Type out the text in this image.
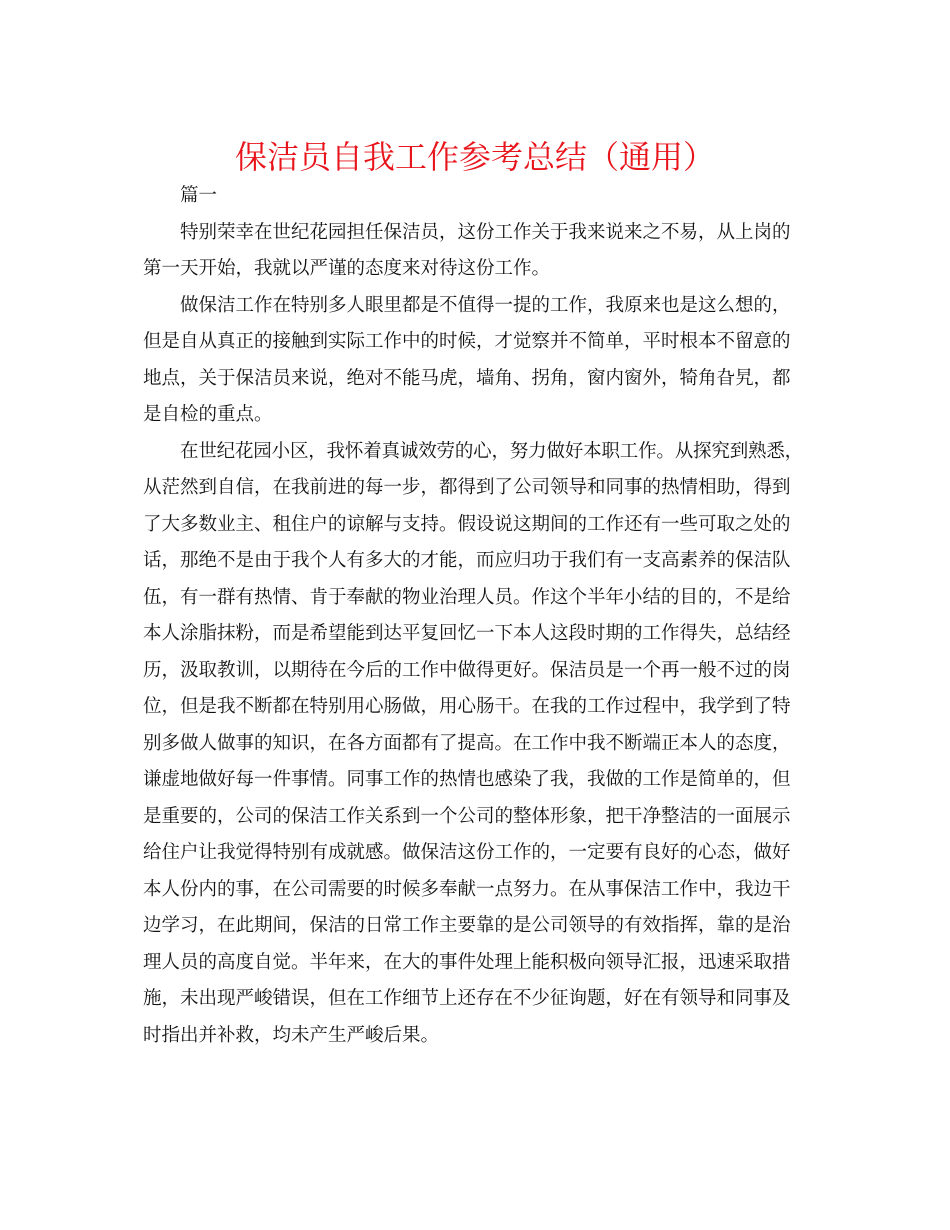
保洁员自我工作参考总结（通用）

篇一

特别荣幸在世纪花园担任保洁员，这份工作关于我来说来之不易，从上岗的
第一天开始，我就以严谨的态度来对待这份工作。

做保洁工作在特别多人眼里都是不值得一提的工作，我原来也是这么想的，
但是自从真正的接触到实际工作中的时候，才觉察并不简单，平时根本不留意的
地点，关于保洁员来说，绝对不能马虎，墙角、拐角，窗内窗外，犄角旮旯，都
是自检的重点。

在世纪花园小区，我怀着真诚效劳的心，努力做好本职工作。从探究到熟悉，
从茫然到自信，在我前进的每一步，都得到了公司领导和同事的热情相助，得到
了大多数业主、租住户的谅解与支持。假设说这期间的工作还有一些可取之处的
话，那绝不是由于我个人有多大的才能，而应归功于我们有一支高素养的保洁队
伍，有一群有热情、肯于奉献的物业治理人员。作这个半年小结的目的，不是给
本人涂脂抹粉，而是希望能到达平复回忆一下本人这段时期的工作得失，总结经
历，汲取教训，以期待在今后的工作中做得更好。保洁员是一个再一般不过的岗
位，但是我不断都在特别用心肠做，用心肠干。在我的工作过程中，我学到了特
别多做人做事的知识，在各方面都有了提高。在工作中我不断端正本人的态度，
谦虚地做好每一件事情。同事工作的热情也感染了我，我做的工作是简单的，但
是重要的，公司的保洁工作关系到一个公司的整体形象，把干净整洁的一面展示
给住户让我觉得特别有成就感。做保洁这份工作的，一定要有良好的心态，做好
本人份内的事，在公司需要的时候多奉献一点努力。在从事保洁工作中，我边干
边学习，在此期间，保洁的日常工作主要靠的是公司领导的有效指挥，靠的是治
理人员的高度自觉。半年来，在大的事件处理上能积极向领导汇报，迅速采取措
施，未出现严峻错误，但在工作细节上还存在不少征询题，好在有领导和同事及
时指出并补救，均未产生严峻后果。
